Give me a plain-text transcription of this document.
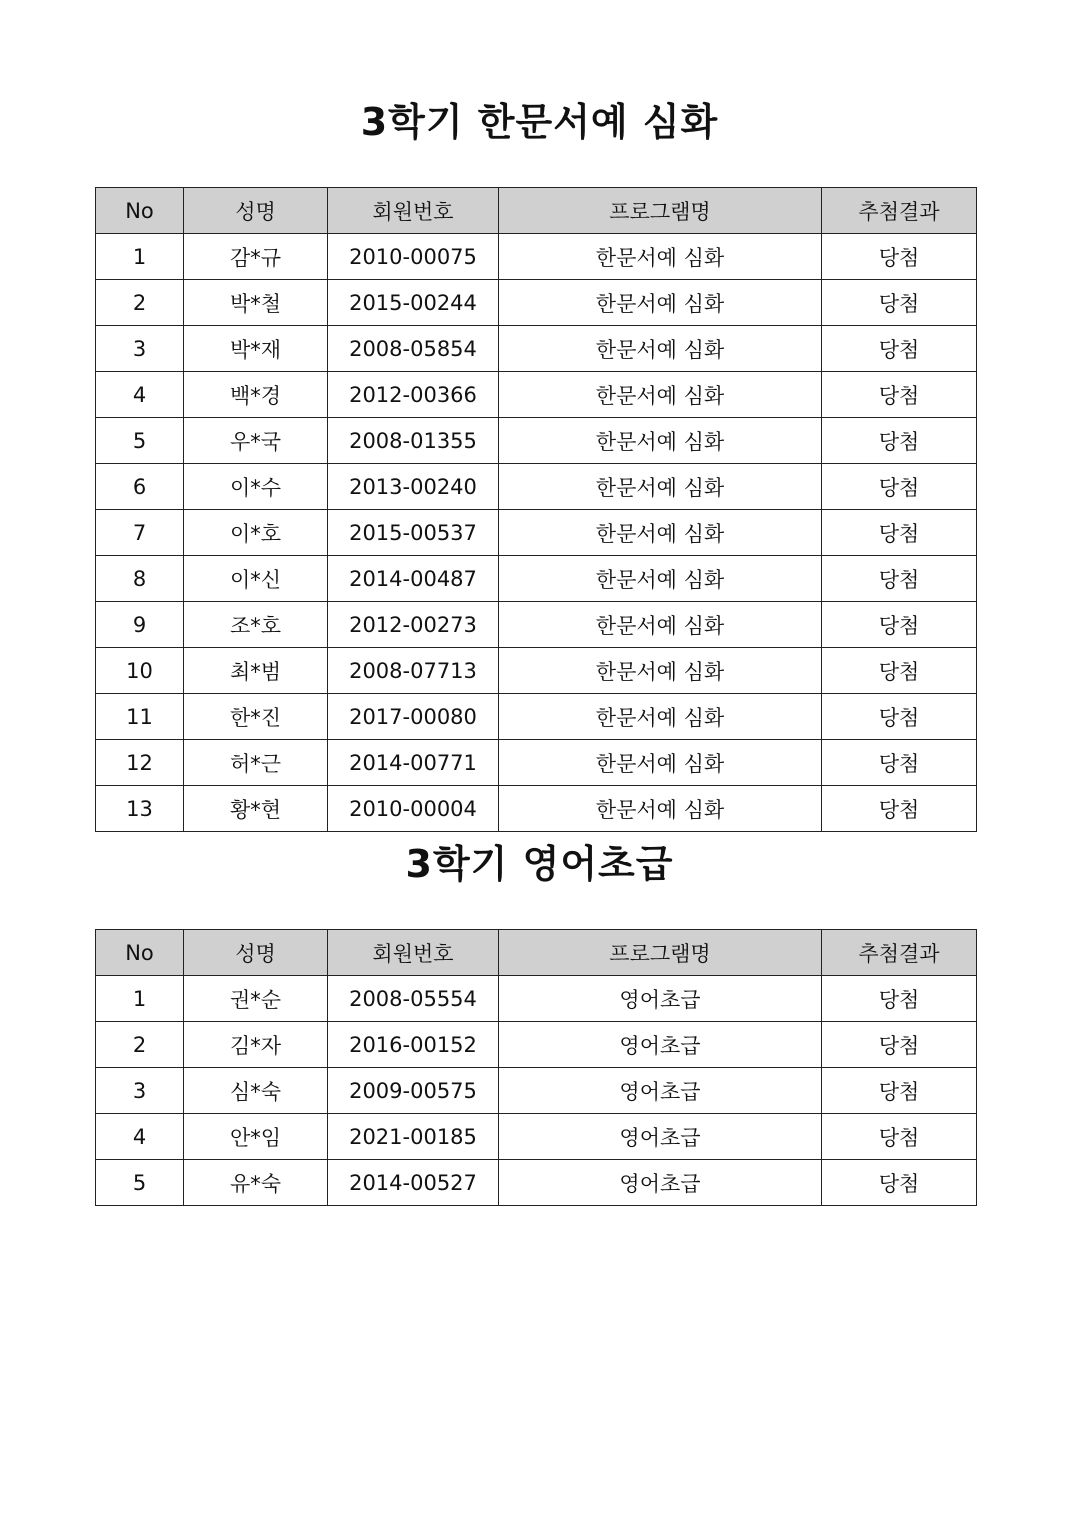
3학기 한문서예 심화
No	성명	회원번호	프로그램명	추첨결과
1	감*규	2010-00075	한문서예 심화	당첨
2	박*철	2015-00244	한문서예 심화	당첨
3	박*재	2008-05854	한문서예 심화	당첨
4	백*경	2012-00366	한문서예 심화	당첨
5	우*국	2008-01355	한문서예 심화	당첨
6	이*수	2013-00240	한문서예 심화	당첨
7	이*호	2015-00537	한문서예 심화	당첨
8	이*신	2014-00487	한문서예 심화	당첨
9	조*호	2012-00273	한문서예 심화	당첨
10	최*범	2008-07713	한문서예 심화	당첨
11	한*진	2017-00080	한문서예 심화	당첨
12	허*근	2014-00771	한문서예 심화	당첨
13	황*현	2010-00004	한문서예 심화	당첨
3학기 영어초급
No	성명	회원번호	프로그램명	추첨결과
1	권*순	2008-05554	영어초급	당첨
2	김*자	2016-00152	영어초급	당첨
3	심*숙	2009-00575	영어초급	당첨
4	안*임	2021-00185	영어초급	당첨
5	유*숙	2014-00527	영어초급	당첨
